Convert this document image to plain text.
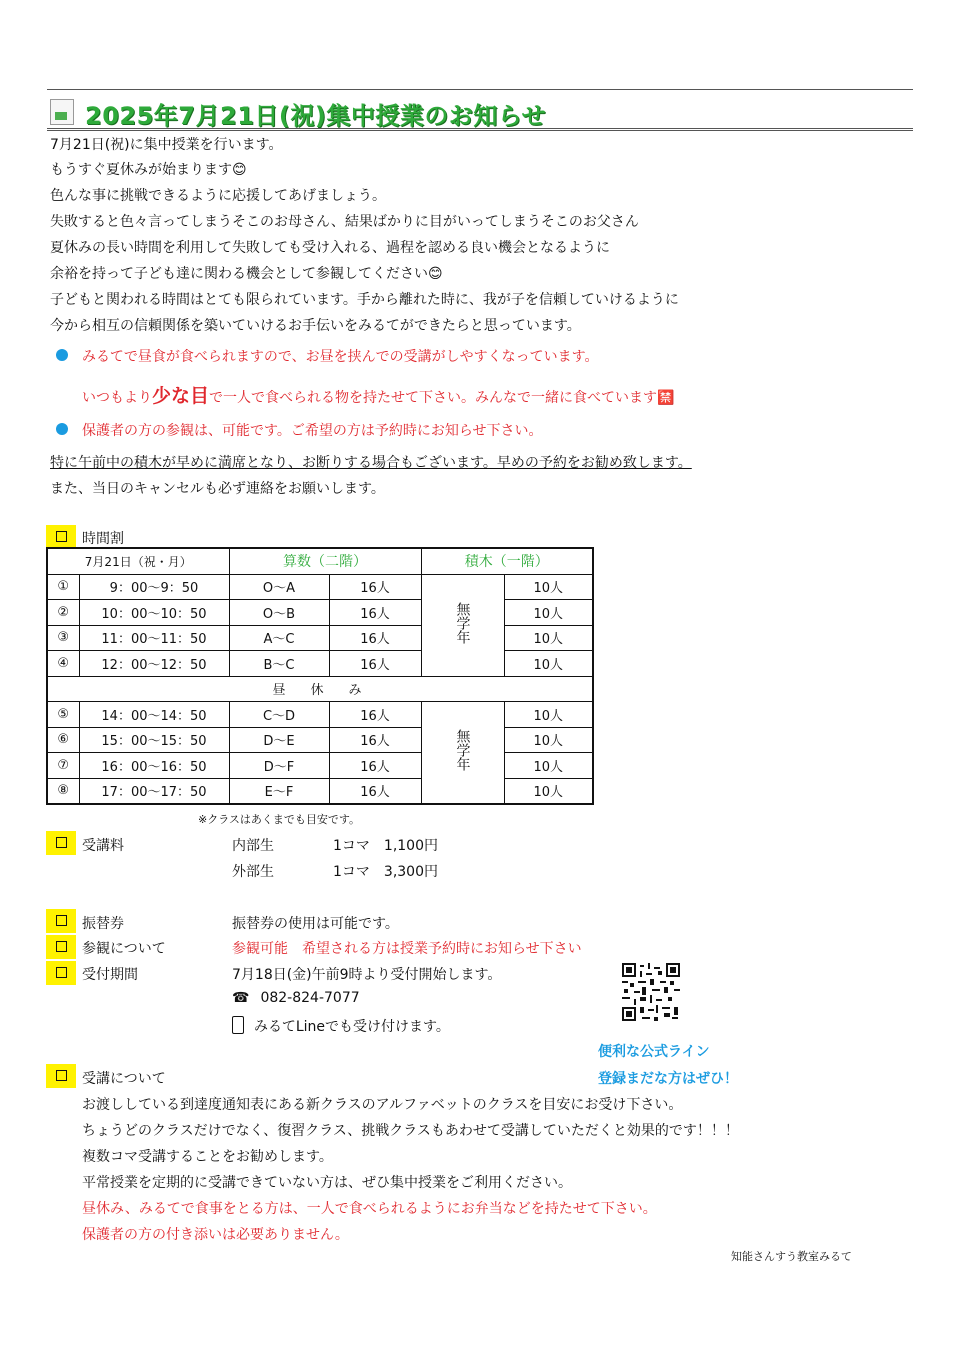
2025年7月21日(祝)集中授業のお知らせ
7月21日(祝)に集中授業を行います。
もうすぐ夏休みが始まります😊
色んな事に挑戦できるように応援してあげましょう。
失敗すると色々言ってしまうそこのお母さん、結果ばかりに目がいってしまうそこのお父さん
夏休みの長い時間を利用して失敗しても受け入れる、過程を認める良い機会となるように
余裕を持って子ども達に関わる機会として参観してください😊
子どもと関われる時間はとても限られています。手から離れた時に、我が子を信頼していけるように
今から相互の信頼関係を築いていけるお手伝いをみるてができたらと思っています。
みるてで昼食が食べられますので、お昼を挟んでの受講がしやすくなっています。
いつもより少な目で一人で食べられる物を持たせて下さい。みんなで一緒に食べています🈲
保護者の方の参観は、可能です。ご希望の方は予約時にお知らせ下さい。
特に午前中の積木が早めに満席となり、お断りする場合もございます。早めの予約をお勧め致します。
また、当日のキャンセルも必ず連絡をお願いします。
時間割
7月21日（祝・月）		算数（二階）		積木（一階）	
①	9：00～9：50	O～A	16人	無学年	10人
②	10：00～10：50	O～B	16人		10人
③	11：00～11：50	A～C	16人		10人
④	12：00～12：50	B～C	16人		10人
昼　休　み					
⑤	14：00～14：50	C～D	16人	無学年	10人
⑥	15：00～15：50	D～E	16人		10人
⑦	16：00～16：50	D～F	16人		10人
⑧	17：00～17：50	E～F	16人		10人
※クラスはあくまでも目安です。
受講料	内部生	1コマ　1,100円
外部生	1コマ　3,300円
振替券	振替券の使用は可能です。
参観について	参観可能　希望される方は授業予約時にお知らせ下さい
受付期間	7月18日(金)午前9時より受付開始します。
☎ 082-824-7077
みるてLineでも受け付けます。
便利な公式ライン
登録まだな方はぜひ！
受講について
お渡ししている到達度通知表にある新クラスのアルファベットのクラスを目安にお受け下さい。
ちょうどのクラスだけでなく、復習クラス、挑戦クラスもあわせて受講していただくと効果的です！！！
複数コマ受講することをお勧めします。
平常授業を定期的に受講できていない方は、ぜひ集中授業をご利用ください。
昼休み、みるてで食事をとる方は、一人で食べられるようにお弁当などを持たせて下さい。
保護者の方の付き添いは必要ありません。
知能さんすう教室みるて
